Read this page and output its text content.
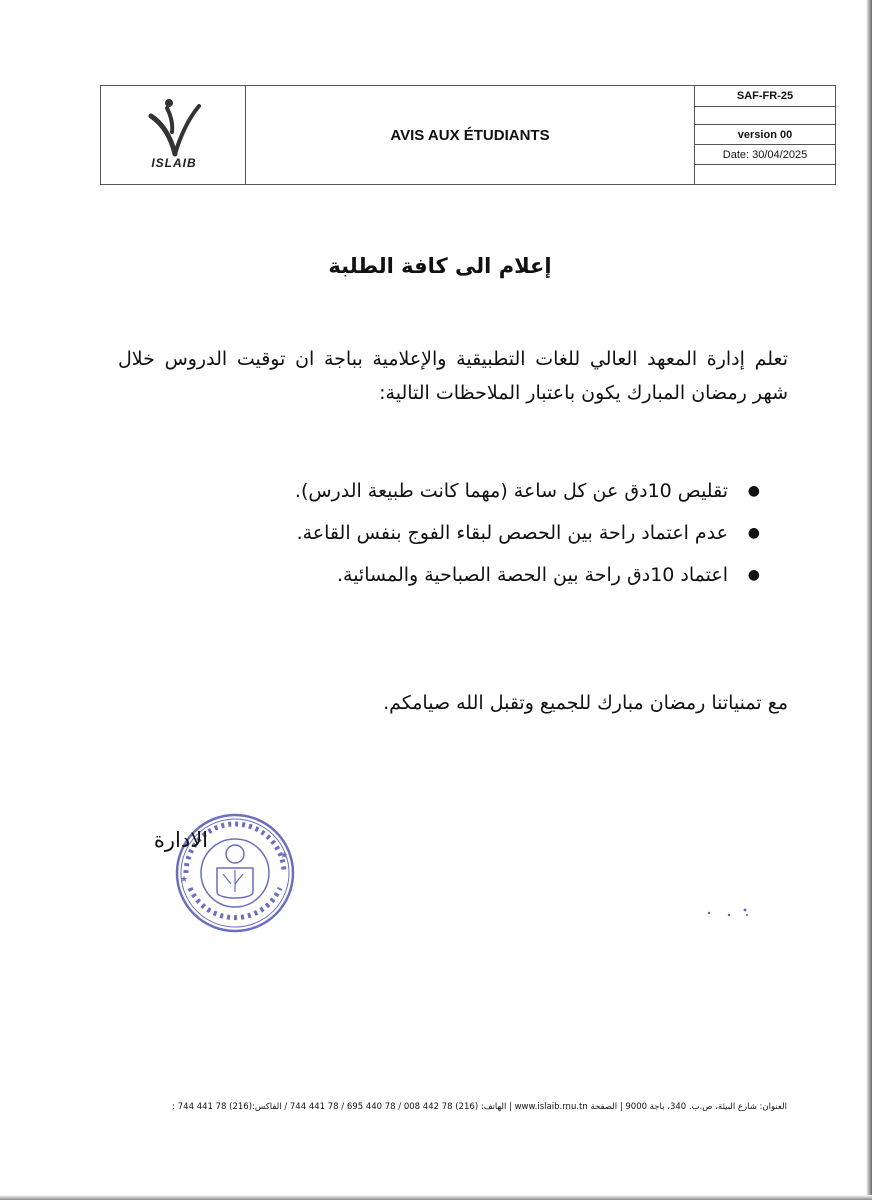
ISLAIB
AVIS AUX ÉTUDIANTS
SAF-FR-25
version 00
Date: 30/04/2025
إعلام الى كافة الطلبة
تعلم إدارة المعهد العالي للغات التطبيقية والإعلامية بباجة ان توقيت الدروس خلال شهر رمضان المبارك يكون باعتبار الملاحظات التالية:
● تقليص 10دق عن كل ساعة (مهما كانت طبيعة الدرس).
● عدم اعتماد راحة بين الحصص لبقاء الفوج بنفس القاعة.
● اعتماد 10دق راحة بين الحصة الصباحية والمسائية.
مع تمنياتنا رمضان مبارك للجميع وتقبل الله صيامكم.
★
★
الادارة
العنوان: شارع البيئة، ص.ب. 340، باجة 9000 | الصفحة www.islaib.rnu.tn | الهاتف: (216) 78 442 008 / 78 440 695 / 78 441 744 / الفاكس:(216) 78 441 744 :
